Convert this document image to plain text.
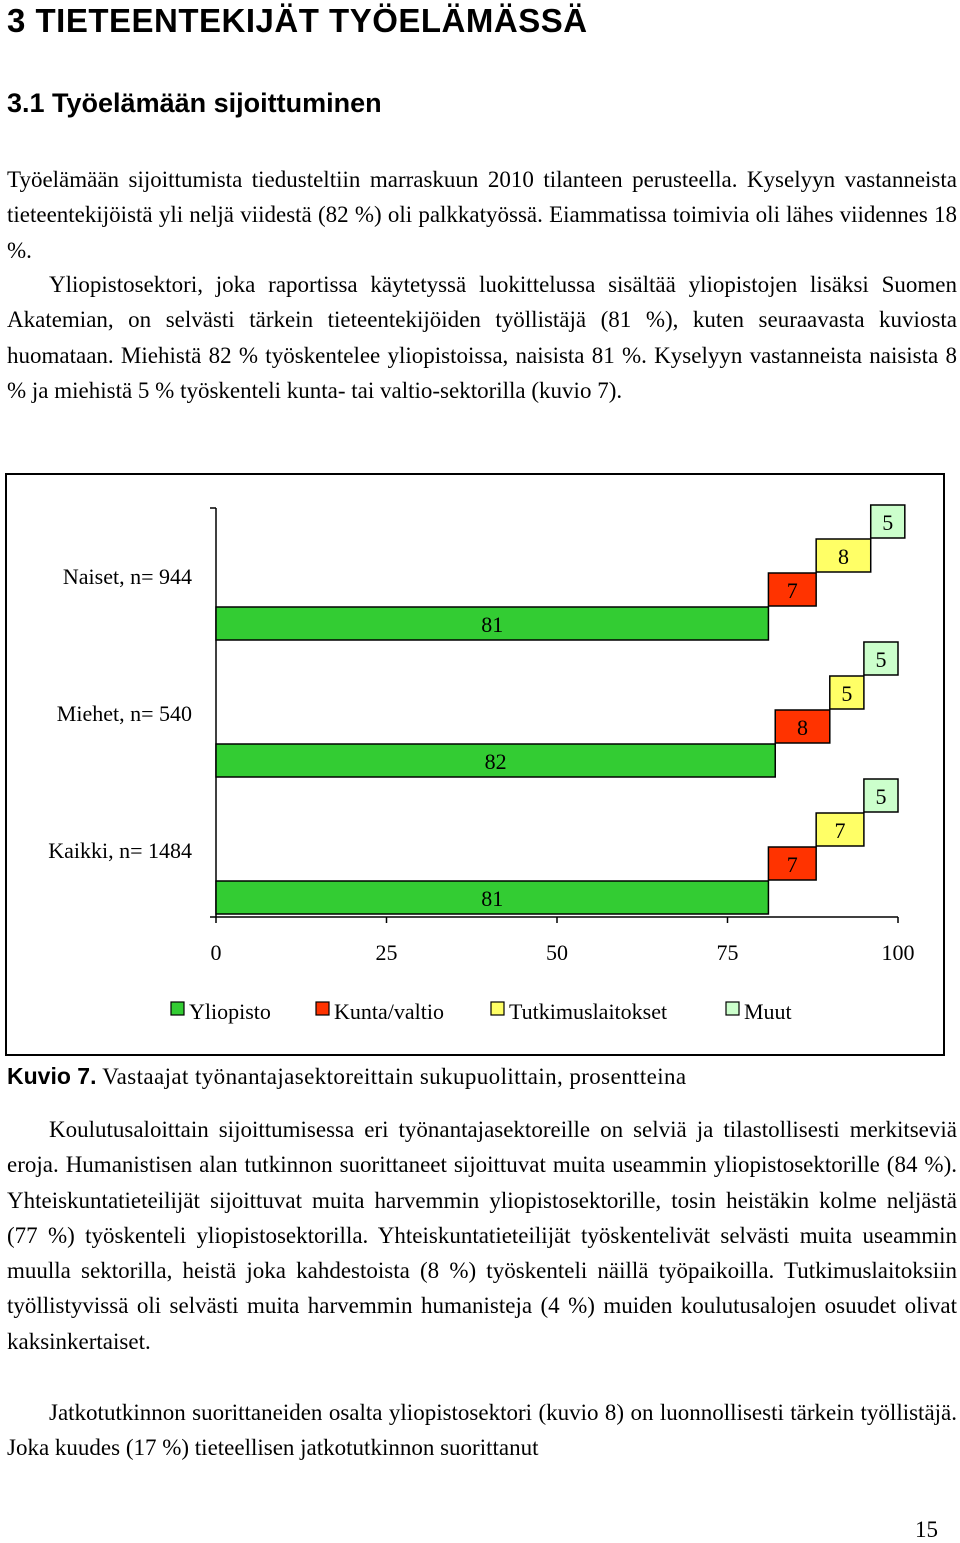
3 TIETEENTEKIJÄT TYÖELÄMÄSSÄ
3.1 Työelämään sijoittuminen

Työelämään sijoittumista tiedusteltiin marraskuun 2010 tilanteen perusteella. Kyselyyn vastanneista tieteentekijöistä yli neljä viidestä (82 %) oli palkkatyössä. Eiammatissa toimivia oli lähes viidennes 18 %.

Yliopistosektori, joka raportissa käytetyssä luokittelussa sisältää yliopistojen lisäksi Suomen Akatemian, on selvästi tärkein tieteentekijöiden työllistäjä (81 %), kuten seuraavasta kuviosta huomataan. Miehistä 82 % työskentelee yliopistoissa, naisista 81 %. Kyselyyn vastanneista naisista 8 % ja miehistä 5 % työskenteli kunta- tai valtio-sektorilla (kuvio 7).

0	25	50	75	100
81
7
8
5
Naiset, n= 944
82
8
5
5
Miehet, n= 540
81
7
7
5
Kaikki, n= 1484
Yliopisto	Kunta/valtio	Tutkimuslaitokset	Muut
Kuvio 7. Vastaajat työnantajasektoreittain sukupuolittain, prosentteina

Koulutusaloittain sijoittumisessa eri työnantajasektoreille on selviä ja tilastollisesti merkitseviä eroja. Humanistisen alan tutkinnon suorittaneet sijoittuvat muita useammin yliopistosektorille (84 %). Yhteiskuntatieteilijät sijoittuvat muita harvemmin yliopistosektorille, tosin heistäkin kolme neljästä (77 %) työskenteli yliopistosektorilla. Yhteiskuntatieteilijät työskentelivät selvästi muita useammin muulla sektorilla, heistä joka kahdestoista (8 %) työskenteli näillä työpaikoilla. Tutkimuslaitoksiin työllistyvissä oli selvästi muita harvemmin humanisteja (4 %) muiden koulutusalojen osuudet olivat kaksinkertaiset.

Jatkotutkinnon suorittaneiden osalta yliopistosektori (kuvio 8) on luonnollisesti tärkein työllistäjä. Joka kuudes (17 %) tieteellisen jatkotutkinnon suorittanut

15
